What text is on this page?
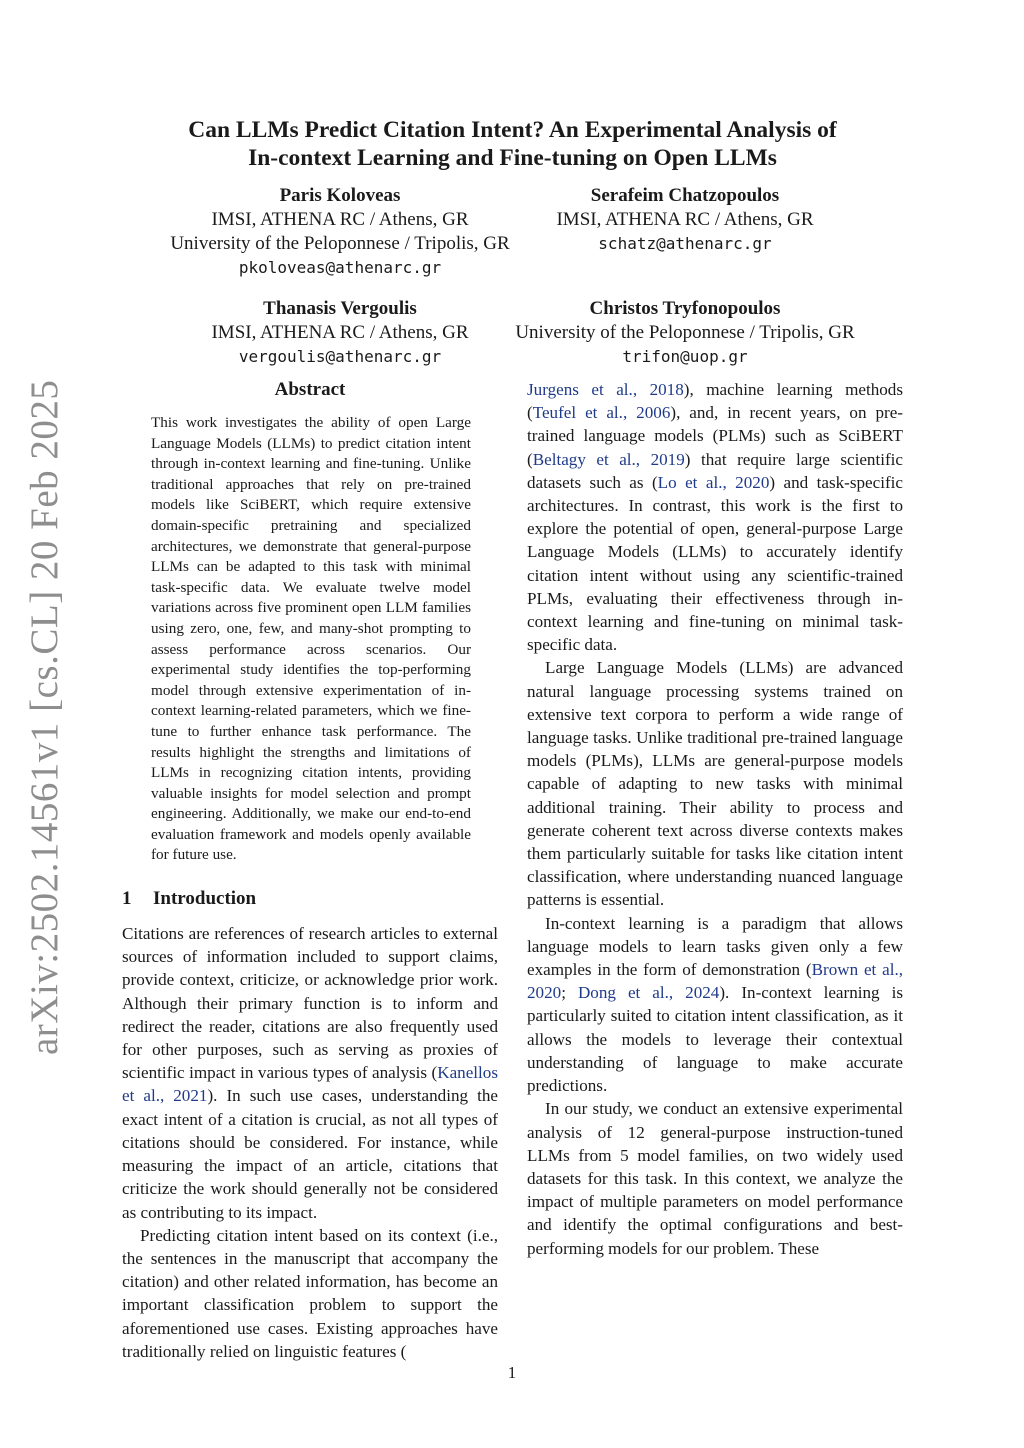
arXiv:2502.14561v1 [cs.CL] 20 Feb 2025
Can LLMs Predict Citation Intent? An Experimental Analysis of
In-context Learning and Fine-tuning on Open LLMs
Paris Koloveas
IMSI, ATHENA RC / Athens, GR
University of the Peloponnese / Tripolis, GR
pkoloveas@athenarc.gr
Serafeim Chatzopoulos
IMSI, ATHENA RC / Athens, GR
schatz@athenarc.gr
Thanasis Vergoulis
IMSI, ATHENA RC / Athens, GR
vergoulis@athenarc.gr
Christos Tryfonopoulos
University of the Peloponnese / Tripolis, GR
trifon@uop.gr
Abstract

This work investigates the ability of open Large Language Models (LLMs) to predict citation intent through in-context learning and fine-tuning. Unlike traditional approaches that rely on pre-trained models like SciBERT, which require extensive domain-specific pretraining and specialized architectures, we demonstrate that general-purpose LLMs can be adapted to this task with minimal task-specific data. We evaluate twelve model variations across five prominent open LLM families using zero, one, few, and many-shot prompting to assess performance across scenarios. Our experimental study identifies the top-performing model through extensive experimentation of in-context learning-related parameters, which we fine-tune to further enhance task performance. The results highlight the strengths and limitations of LLMs in recognizing citation intents, providing valuable insights for model selection and prompt engineering. Additionally, we make our end-to-end evaluation framework and models openly available for future use.

1 Introduction

Citations are references of research articles to external sources of information included to support claims, provide context, criticize, or acknowledge prior work. Although their primary function is to inform and redirect the reader, citations are also frequently used for other purposes, such as serving as proxies of scientific impact in various types of analysis (Kanellos et al., 2021). In such use cases, understanding the exact intent of a citation is crucial, as not all types of citations should be considered. For instance, while measuring the impact of an article, citations that criticize the work should generally not be considered as contributing to its impact.

Predicting citation intent based on its context (i.e., the sentences in the manuscript that accompany the citation) and other related information, has become an important classification problem to support the aforementioned use cases. Existing approaches have traditionally relied on linguistic features (

Jurgens et al., 2018), machine learning methods (Teufel et al., 2006), and, in recent years, on pre-trained language models (PLMs) such as SciBERT (Beltagy et al., 2019) that require large scientific datasets such as (Lo et al., 2020) and task-specific architectures. In contrast, this work is the first to explore the potential of open, general-purpose Large Language Models (LLMs) to accurately identify citation intent without using any scientific-trained PLMs, evaluating their effectiveness through in-context learning and fine-tuning on minimal task-specific data.

Large Language Models (LLMs) are advanced natural language processing systems trained on extensive text corpora to perform a wide range of language tasks. Unlike traditional pre-trained language models (PLMs), LLMs are general-purpose models capable of adapting to new tasks with minimal additional training. Their ability to process and generate coherent text across diverse contexts makes them particularly suitable for tasks like citation intent classification, where understanding nuanced language patterns is essential.

In-context learning is a paradigm that allows language models to learn tasks given only a few examples in the form of demonstration (Brown et al., 2020; Dong et al., 2024). In-context learning is particularly suited to citation intent classification, as it allows the models to leverage their contextual understanding of language to make accurate predictions.

In our study, we conduct an extensive experimental analysis of 12 general-purpose instruction-tuned LLMs from 5 model families, on two widely used datasets for this task. In this context, we analyze the impact of multiple parameters on model performance and identify the optimal configurations and best-performing models for our problem. These

1
